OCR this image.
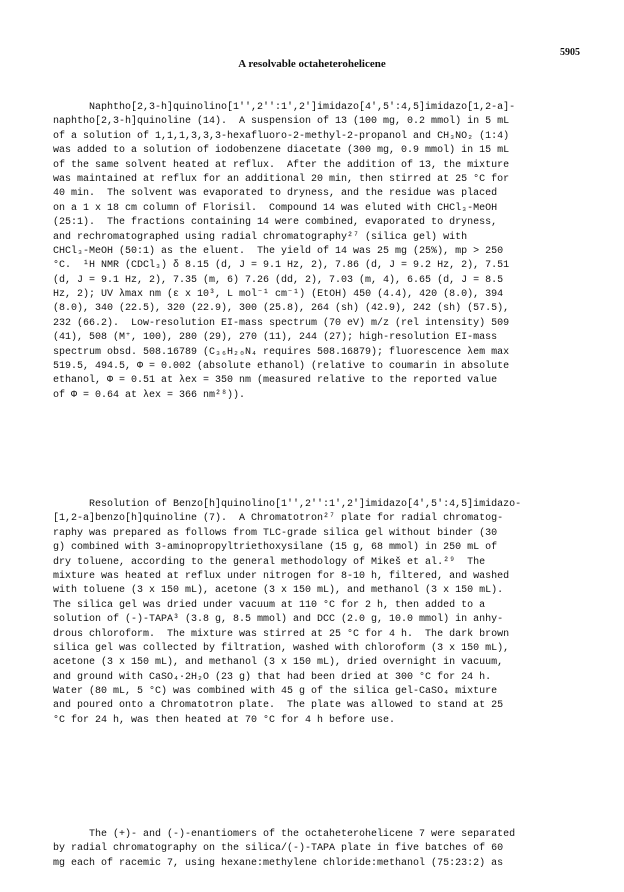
5905
A resolvable octaheterohelicene
Naphtho[2,3-h]quinolino[1'',2'':1',2']imidazo[4',5':4,5]imidazo[1,2-a]-
naphtho[2,3-h]quinoline (14).  A suspension of 13 (100 mg, 0.2 mmol) in 5 mL
of a solution of 1,1,1,3,3,3-hexafluoro-2-methyl-2-propanol and CH₃NO₂ (1:4)
was added to a solution of iodobenzene diacetate (300 mg, 0.9 mmol) in 15 mL
of the same solvent heated at reflux.  After the addition of 13, the mixture
was maintained at reflux for an additional 20 min, then stirred at 25 °C for
40 min.  The solvent was evaporated to dryness, and the residue was placed
on a 1 x 18 cm column of Florisil.  Compound 14 was eluted with CHCl₃-MeOH
(25:1).  The fractions containing 14 were combined, evaporated to dryness,
and rechromatographed using radial chromatography²⁷ (silica gel) with
CHCl₃-MeOH (50:1) as the eluent.  The yield of 14 was 25 mg (25%), mp > 250
°C.  ¹H NMR (CDCl₃) δ 8.15 (d, J = 9.1 Hz, 2), 7.86 (d, J = 9.2 Hz, 2), 7.51
(d, J = 9.1 Hz, 2), 7.35 (m, 6) 7.26 (dd, 2), 7.03 (m, 4), 6.65 (d, J = 8.5
Hz, 2); UV λmax nm (ε x 10³, L mol⁻¹ cm⁻¹) (EtOH) 450 (4.4), 420 (8.0), 394
(8.0), 340 (22.5), 320 (22.9), 300 (25.8), 264 (sh) (42.9), 242 (sh) (57.5),
232 (66.2).  Low-resolution EI-mass spectrum (70 eV) m/z (rel intensity) 509
(41), 508 (M⁺, 100), 280 (29), 270 (11), 244 (27); high-resolution EI-mass
spectrum obsd. 508.16789 (C₃₆H₂₀N₄ requires 508.16879); fluorescence λem max
519.5, 494.5, Φ = 0.002 (absolute ethanol) (relative to coumarin in absolute
ethanol, Φ = 0.51 at λex = 350 nm (measured relative to the reported value
of Φ = 0.64 at λex = 366 nm²⁸)).
Resolution of Benzo[h]quinolino[1'',2'':1',2']imidazo[4',5':4,5]imidazo-
[1,2-a]benzo[h]quinoline (7).  A Chromatotron²⁷ plate for radial chromatog-
raphy was prepared as follows from TLC-grade silica gel without binder (30
g) combined with 3-aminopropyltriethoxysilane (15 g, 68 mmol) in 250 mL of
dry toluene, according to the general methodology of Mikeš et al.²⁹  The
mixture was heated at reflux under nitrogen for 8-10 h, filtered, and washed
with toluene (3 x 150 mL), acetone (3 x 150 mL), and methanol (3 x 150 mL).
The silica gel was dried under vacuum at 110 °C for 2 h, then added to a
solution of (-)-TAPA³ (3.8 g, 8.5 mmol) and DCC (2.0 g, 10.0 mmol) in anhy-
drous chloroform.  The mixture was stirred at 25 °C for 4 h.  The dark brown
silica gel was collected by filtration, washed with chloroform (3 x 150 mL),
acetone (3 x 150 mL), and methanol (3 x 150 mL), dried overnight in vacuum,
and ground with CaSO₄·2H₂O (23 g) that had been dried at 300 °C for 24 h.
Water (80 mL, 5 °C) was combined with 45 g of the silica gel-CaSO₄ mixture
and poured onto a Chromatotron plate.  The plate was allowed to stand at 25
°C for 24 h, was then heated at 70 °C for 4 h before use.
The (+)- and (-)-enantiomers of the octaheterohelicene 7 were separated
by radial chromatography on the silica/(-)-TAPA plate in five batches of 60
mg each of racemic 7, using hexane:methylene chloride:methanol (75:23:2) as
